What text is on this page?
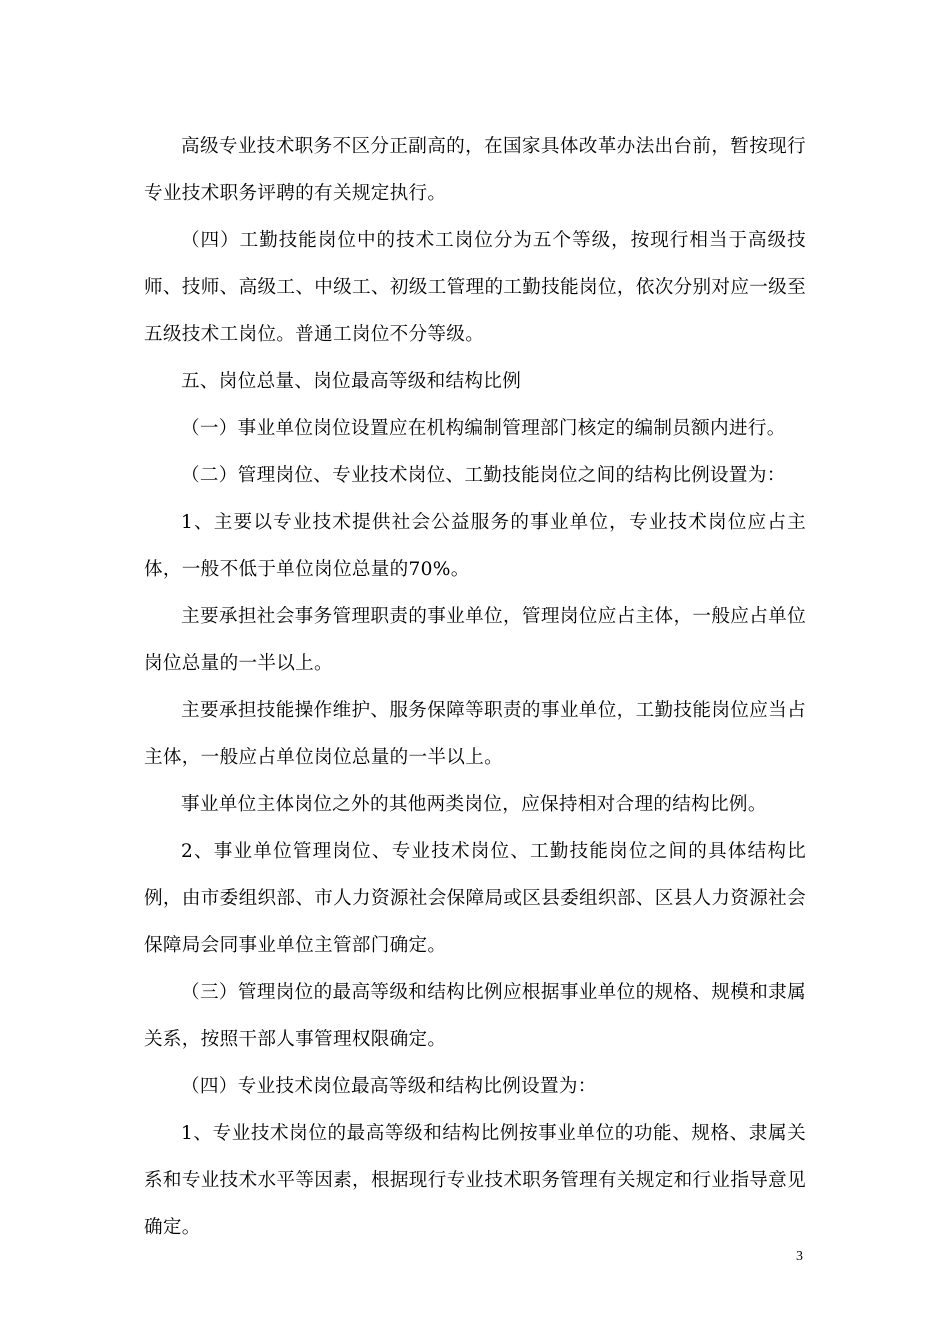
高级专业技术职务不区分正副高的，在国家具体改革办法出台前，暂按现行专业技术职务评聘的有关规定执行。

（四）工勤技能岗位中的技术工岗位分为五个等级，按现行相当于高级技师、技师、高级工、中级工、初级工管理的工勤技能岗位，依次分别对应一级至五级技术工岗位。普通工岗位不分等级。

五、岗位总量、岗位最高等级和结构比例

（一）事业单位岗位设置应在机构编制管理部门核定的编制员额内进行。

（二）管理岗位、专业技术岗位、工勤技能岗位之间的结构比例设置为：

1、主要以专业技术提供社会公益服务的事业单位，专业技术岗位应占主体，一般不低于单位岗位总量的70%。

主要承担社会事务管理职责的事业单位，管理岗位应占主体，一般应占单位岗位总量的一半以上。

主要承担技能操作维护、服务保障等职责的事业单位，工勤技能岗位应当占主体，一般应占单位岗位总量的一半以上。

事业单位主体岗位之外的其他两类岗位，应保持相对合理的结构比例。

2、事业单位管理岗位、专业技术岗位、工勤技能岗位之间的具体结构比例，由市委组织部、市人力资源社会保障局或区县委组织部、区县人力资源社会保障局会同事业单位主管部门确定。

（三）管理岗位的最高等级和结构比例应根据事业单位的规格、规模和隶属关系，按照干部人事管理权限确定。

（四）专业技术岗位最高等级和结构比例设置为：

1、专业技术岗位的最高等级和结构比例按事业单位的功能、规格、隶属关系和专业技术水平等因素，根据现行专业技术职务管理有关规定和行业指导意见确定。

3
